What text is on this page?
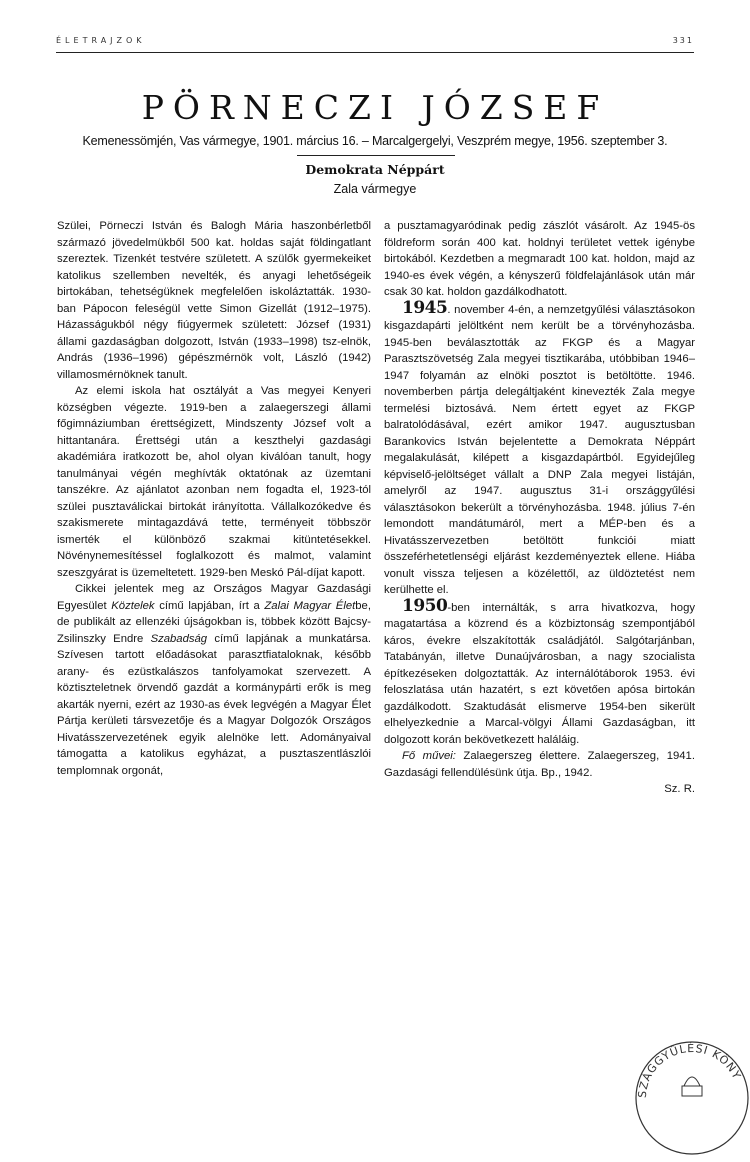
ÉLETRAJZOK	331
PÖRNECZI JÓZSEF
Kemenessömjén, Vas vármegye, 1901. március 16. – Marcalgergelyi, Veszprém megye, 1956. szeptember 3.
Demokrata Néppárt
Zala vármegye

Szülei, Pörneczi István és Balogh Mária haszonbérletből származó jövedelmükből 500 kat. holdas saját földingatlant szereztek. Tizenkét testvére született. A szülők gyermekeiket katolikus szellemben nevelték, és anyagi lehetőségeik birtokában, tehetségüknek megfelelően iskoláztatták. 1930-ban Pápocon feleségül vette Simon Gizellát (1912–1975). Házasságukból négy fiúgyermek született: József (1931) állami gazdaságban dolgozott, István (1933–1998) tsz-elnök, András (1936–1996) gépészmérnök volt, László (1942) villamosmérnöknek tanult.

Az elemi iskola hat osztályát a Vas megyei Kenyeri községben végezte. 1919-ben a zalaegerszegi állami főgimnáziumban érettségizett, Mindszenty József volt a hittantanára. Érettségi után a keszthelyi gazdasági akadémiára iratkozott be, ahol olyan kiválóan tanult, hogy tanulmányai végén meghívták oktatónak az üzemtani tanszékre. Az ajánlatot azonban nem fogadta el, 1923-tól szülei pusztaválickai birtokát irányította. Vállalkozókedve és szakismerete mintagazdává tette, terményeit többször ismerték el különböző szakmai kitüntetésekkel. Növénynemesítéssel foglalkozott és malmot, valamint szeszgyárat is üzemeltetett. 1929-ben Meskó Pál-díjat kapott.

Cikkei jelentek meg az Országos Magyar Gazdasági Egyesület Köztelek című lapjában, írt a Zalai Magyar Életbe, de publikált az ellenzéki újságokban is, többek között Bajcsy-Zsilinszky Endre Szabadság című lapjának a munkatársa. Szívesen tartott előadásokat parasztfiataloknak, később arany- és ezüstkalászos tanfolyamokat szervezett. A köztiszteletnek örvendő gazdát a kormánypárti erők is meg akarták nyerni, ezért az 1930-as évek legvégén a Magyar Élet Pártja kerületi társvezetője és a Magyar Dolgozók Országos Hivatásszervezetének egyik alelnöke lett. Adományaival támogatta a katolikus egyházat, a pusztaszentlászlói templomnak orgonát,

a pusztamagyaródinak pedig zászlót vásárolt. Az 1945-ös földreform során 400 kat. holdnyi területet vettek igénybe birtokából. Kezdetben a megmaradt 100 kat. holdon, majd az 1940-es évek végén, a kényszerű földfelajánlások után már csak 30 kat. holdon gazdálkodhatott.

1945. november 4-én, a nemzetgyűlési választásokon kisgazdapárti jelöltként nem került be a törvényhozásba. 1945-ben beválasztották az FKGP és a Magyar Parasztszövetség Zala megyei tisztikarába, utóbbiban 1946–1947 folyamán az elnöki posztot is betöltötte. 1946. novemberben pártja delegáltjaként kinevezték Zala megye termelési biztosává. Nem értett egyet az FKGP balratolódásával, ezért amikor 1947. augusztusban Barankovics István bejelentette a Demokrata Néppárt megalakulását, kilépett a kisgazdapártból. Egyidejűleg képviselő-jelöltséget vállalt a DNP Zala megyei listáján, amelyről az 1947. augusztus 31-i országgyűlési választásokon bekerült a törvényhozásba. 1948. július 7-én lemondott mandátumáról, mert a MÉP-ben és a Hivatásszervezetben betöltött funkciói miatt összeférhetetlenségi eljárást kezdeményeztek ellene. Hiába vonult vissza teljesen a közélettől, az üldöztetést nem kerülhette el.

1950-ben internálták, s arra hivatkozva, hogy magatartása a közrend és a közbiztonság szempontjából káros, évekre elszakították családjától. Salgótarjánban, Tatabányán, illetve Dunaújvárosban, a nagy szocialista építkezéseken dolgoztatták. Az internálótáborok 1953. évi feloszlatása után hazatért, s ezt követően apósa birtokán gazdálkodott. Szaktudását elismerve 1954-ben sikerült elhelyezkednie a Marcal-völgyi Állami Gazdaságban, itt dolgozott korán bekövetkezett haláláig.

Fő művei: Zalaegerszeg élettere. Zalaegerszeg, 1941. Gazdasági fellendülésünk útja. Bp., 1942.

Sz. R.

SZÁGGYŰLÉSI KÖNY
